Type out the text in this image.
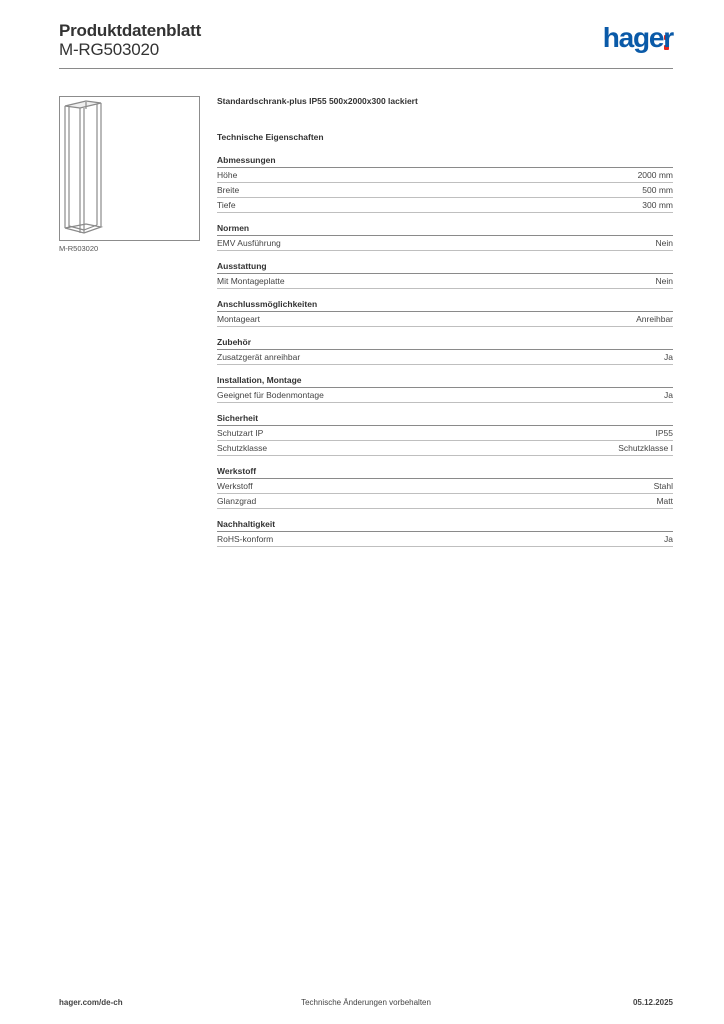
Produktdatenblatt
M-RG503020	hager
M-R503020
Standardschrank-plus IP55 500x2000x300 lackiert
Technische Eigenschaften
Abmessungen
Höhe	2000 mm
Breite	500 mm
Tiefe	300 mm
Normen
EMV Ausführung	Nein
Ausstattung
Mit Montageplatte	Nein
Anschlussmöglichkeiten
Montageart	Anreihbar
Zubehör
Zusatzgerät anreihbar	Ja
Installation, Montage
Geeignet für Bodenmontage	Ja
Sicherheit
Schutzart IP	IP55
Schutzklasse	Schutzklasse I
Werkstoff
Werkstoff	Stahl
Glanzgrad	Matt
Nachhaltigkeit
RoHS-konform	Ja
hager.com/de-ch	Technische Änderungen vorbehalten	05.12.2025
